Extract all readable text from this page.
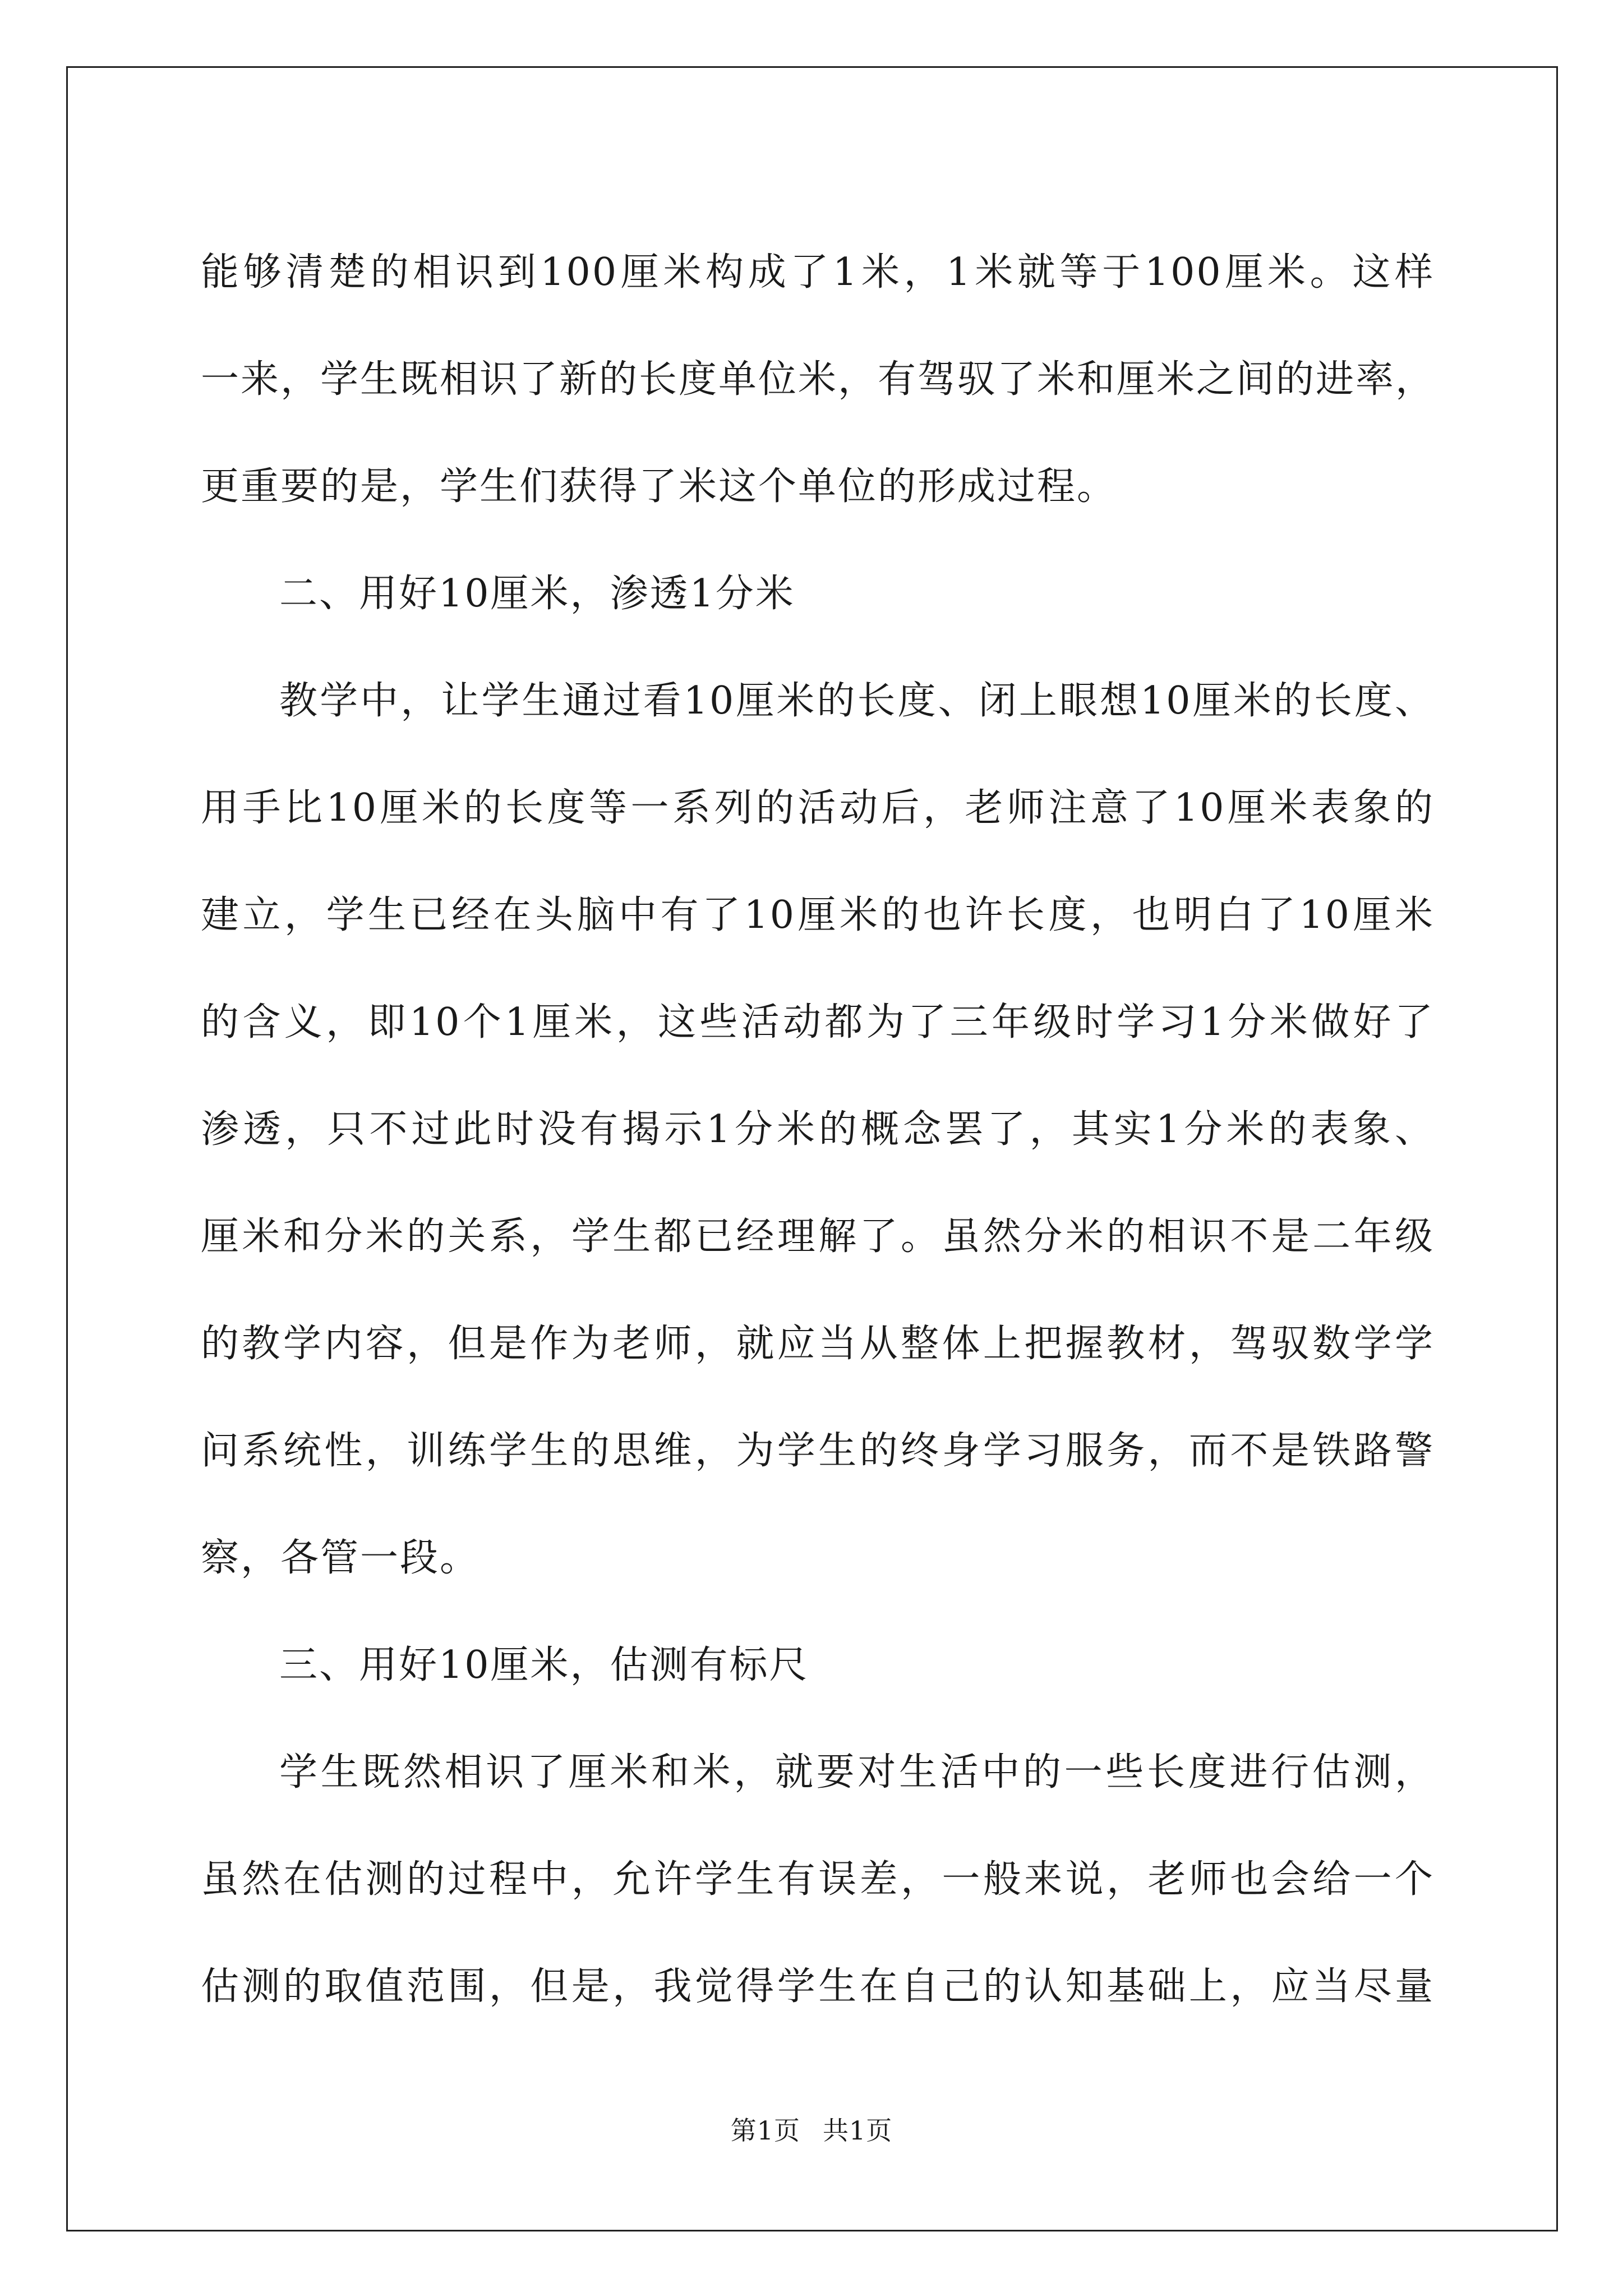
能够清楚的相识到100厘米构成了1米，1米就等于100厘米。这样
一来，学生既相识了新的长度单位米，有驾驭了米和厘米之间的进率，
更重要的是，学生们获得了米这个单位的形成过程。
二、用好10厘米，渗透1分米
教学中，让学生通过看10厘米的长度、闭上眼想10厘米的长度、
用手比10厘米的长度等一系列的活动后，老师注意了10厘米表象的
建立，学生已经在头脑中有了10厘米的也许长度，也明白了10厘米
的含义，即10个1厘米，这些活动都为了三年级时学习1分米做好了
渗透，只不过此时没有揭示1分米的概念罢了，其实1分米的表象、
厘米和分米的关系，学生都已经理解了。虽然分米的相识不是二年级
的教学内容，但是作为老师，就应当从整体上把握教材，驾驭数学学
问系统性，训练学生的思维，为学生的终身学习服务，而不是铁路警
察，各管一段。
三、用好10厘米，估测有标尺
学生既然相识了厘米和米，就要对生活中的一些长度进行估测，
虽然在估测的过程中，允许学生有误差，一般来说，老师也会给一个
估测的取值范围，但是，我觉得学生在自己的认知基础上，应当尽量
第1页 共1页
